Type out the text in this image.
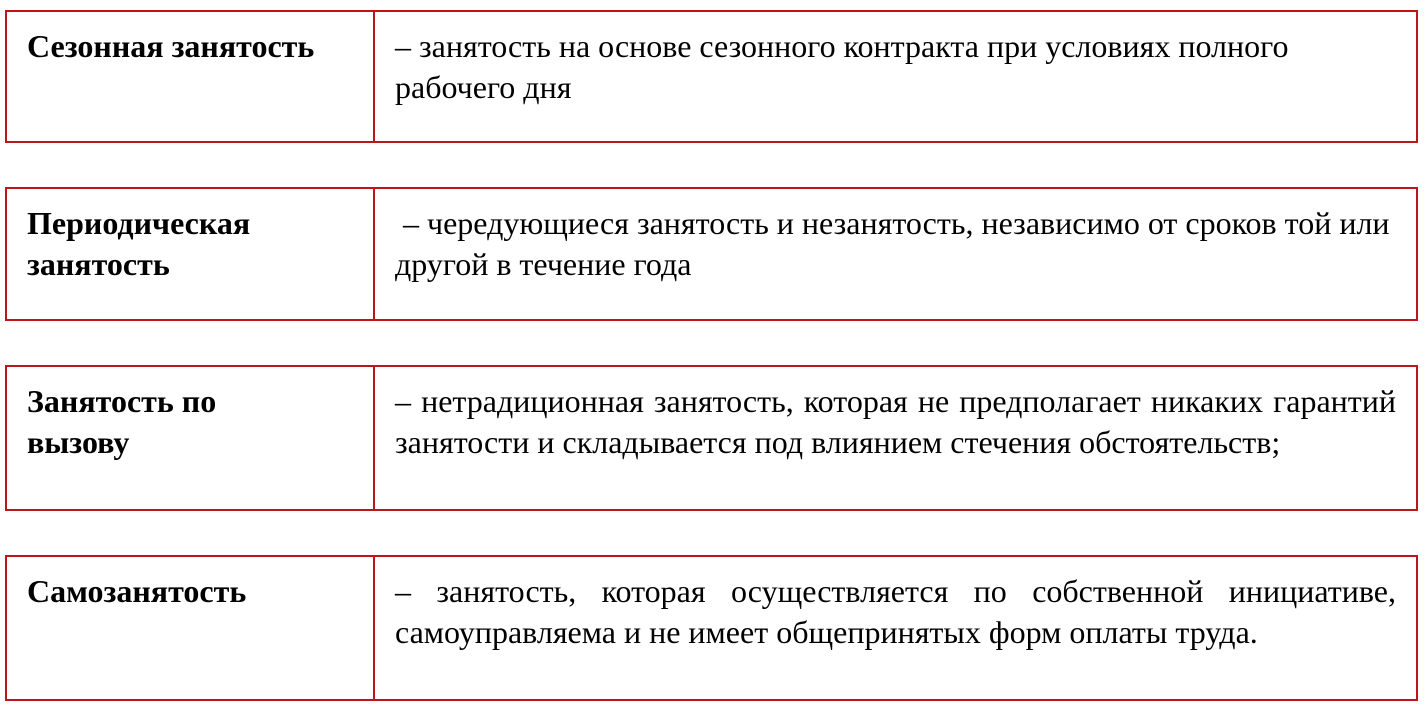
Сезонная занятость	– занятость на основе сезонного контракта при условиях полного рабочего дня
Периодическая занятость
– чередующиеся занятость и незанятость, независимо от сроков той или другой в течение года
Занятость по вызову
– нетрадиционная занятость, которая не предполагает никаких гарантий занятости и складывается под влиянием стечения обстоятельств;
Самозанятость	– занятость, которая осуществляется по собственной инициативе, самоуправляема и не имеет общепринятых форм оплаты труда.
